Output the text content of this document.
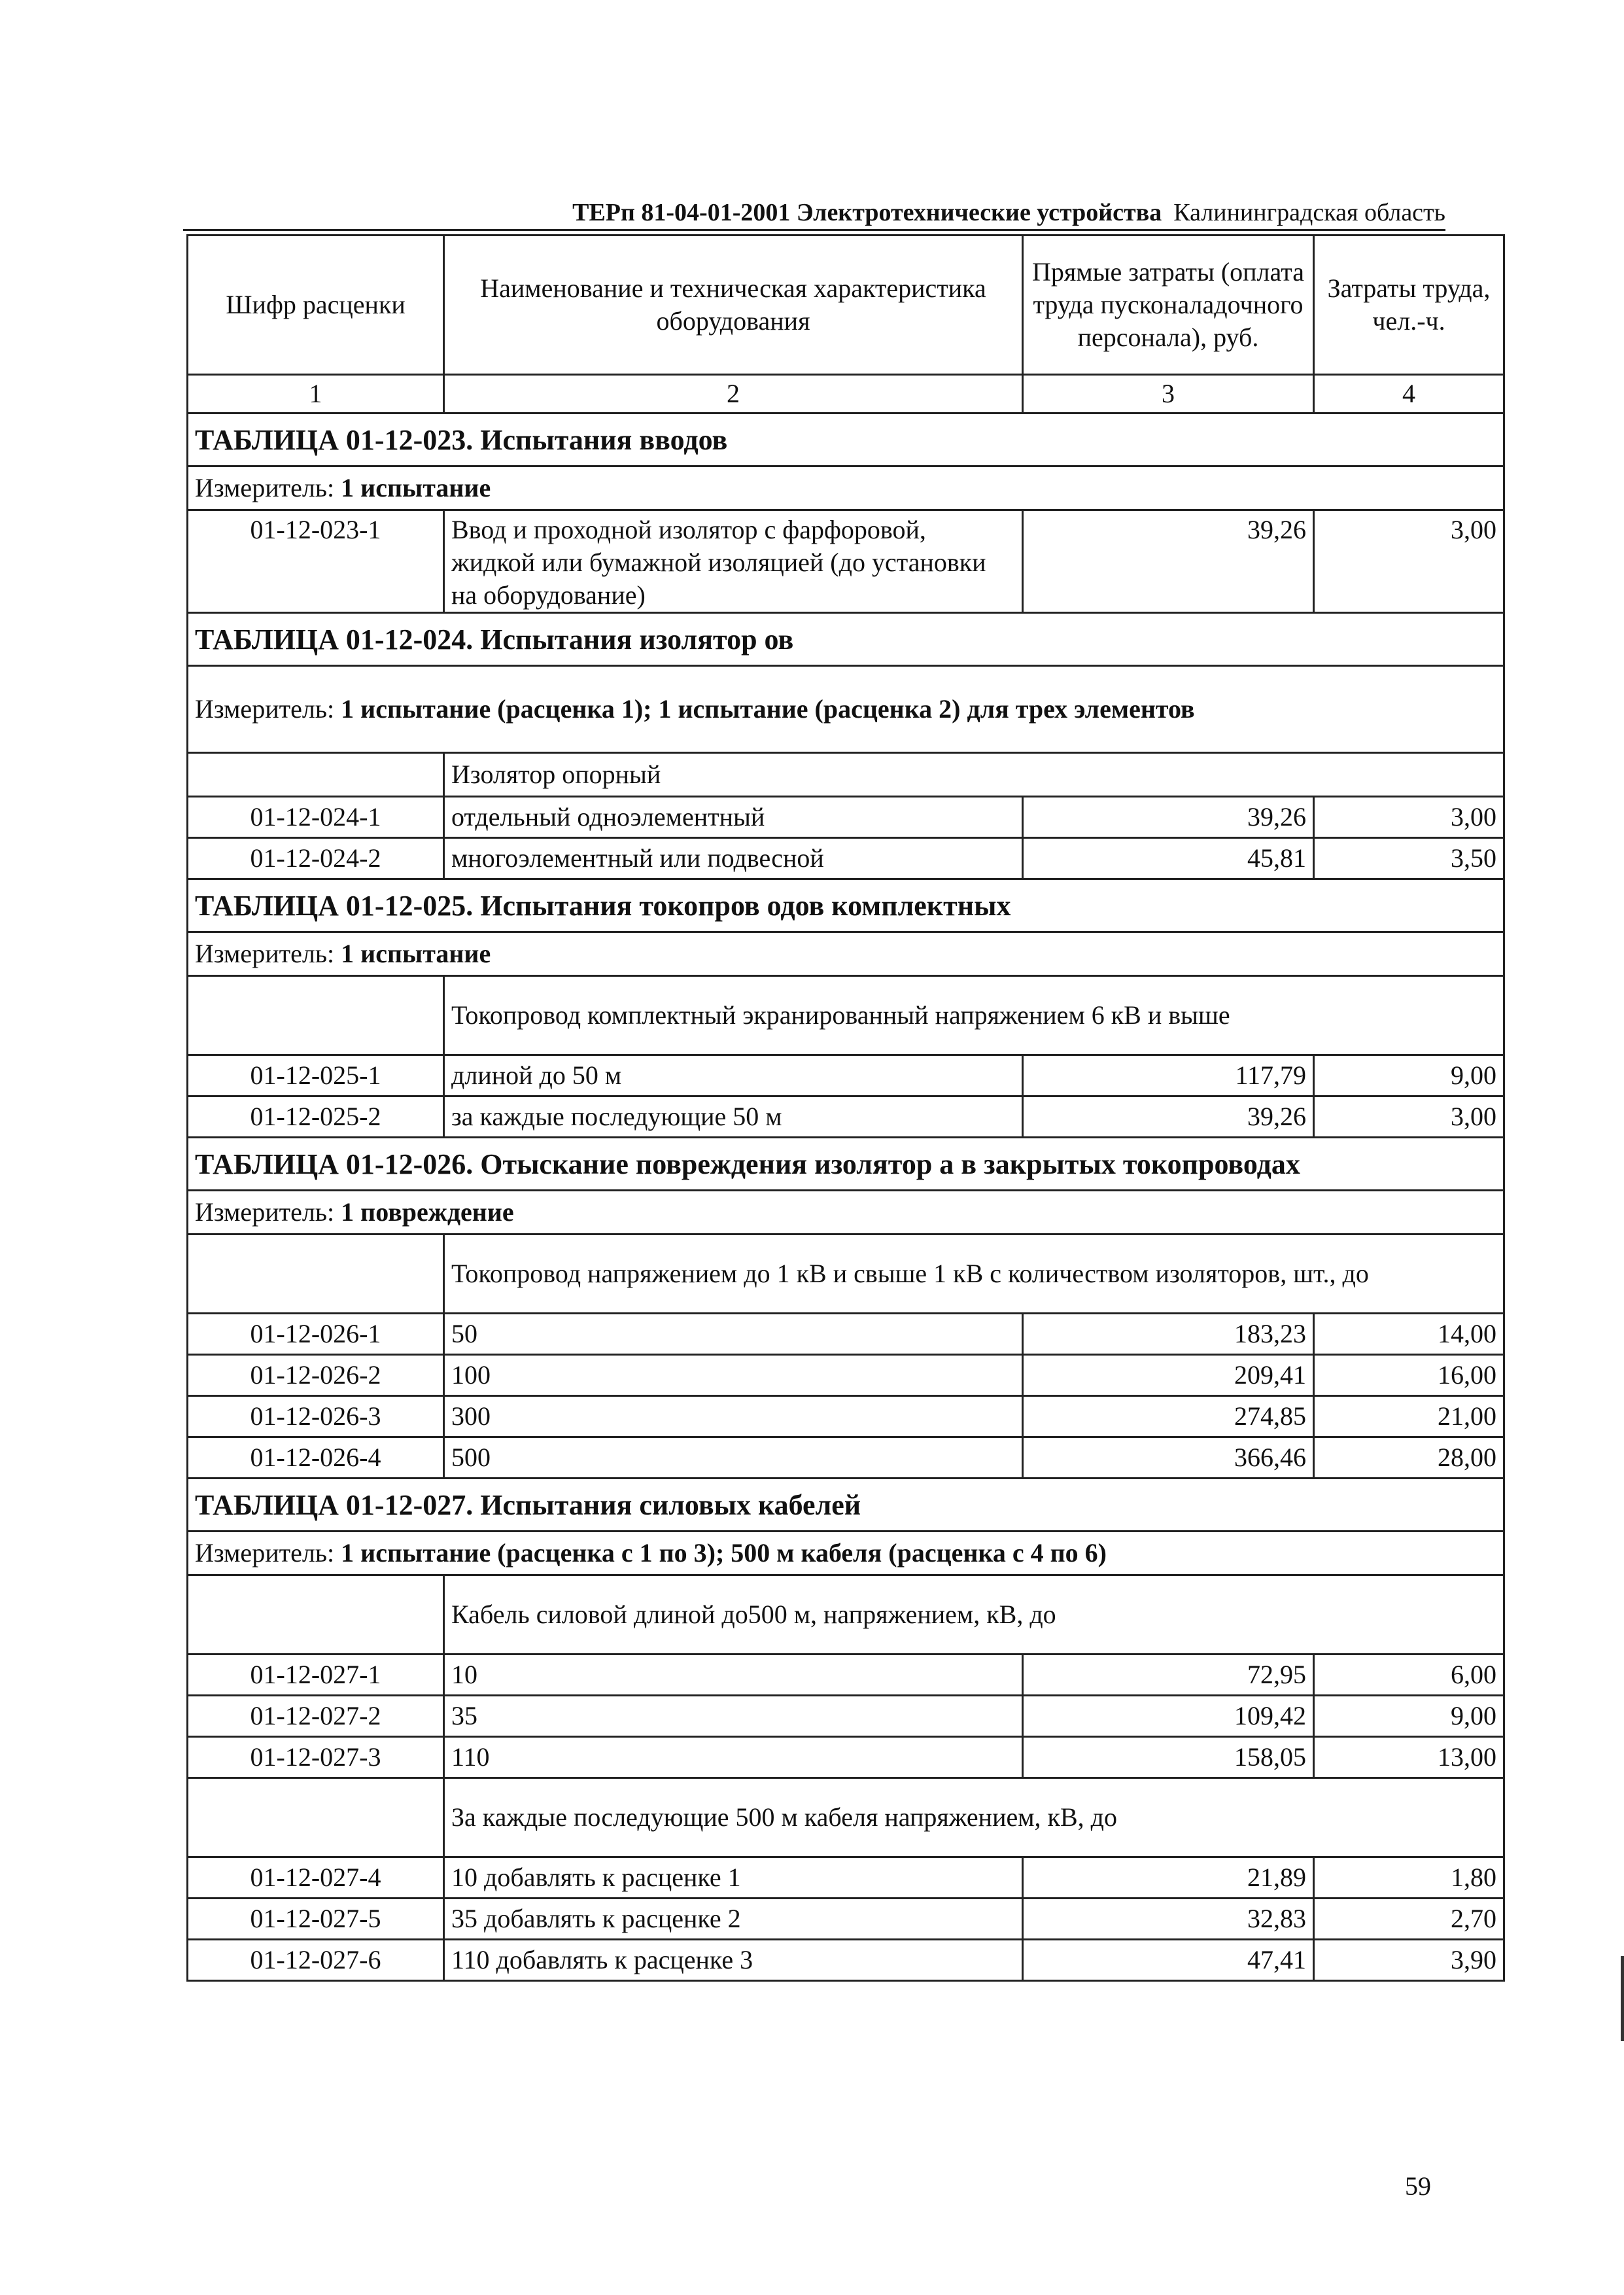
ТЕРп 81-04-01-2001 Электротехнические устройства Калининградская область
Шифр расценки	Наименование и техническая характеристика оборудования	Прямые затраты (оплата труда пусконаладочного персонала), руб.	Затраты труда, чел.-ч.
1	2	3	4
ТАБЛИЦА 01-12-023. Испытания вводов			
Измеритель: 1 испытание			
01-12-023-1	Ввод и проходной изолятор с фарфоровой, жидкой или бумажной изоляцией (до установки на оборудование)	39,26	3,00
ТАБЛИЦА 01-12-024. Испытания изолятор ов			
Измеритель: 1 испытание (расценка 1); 1 испытание (расценка 2) для трех элементов			
	Изолятор опорный		
01-12-024-1	отдельный одноэлементный	39,26	3,00
01-12-024-2	многоэлементный или подвесной	45,81	3,50
ТАБЛИЦА 01-12-025. Испытания токопров одов комплектных			
Измеритель: 1 испытание			
	Токопровод комплектный экранированный напряжением 6 кВ и выше		
01-12-025-1	длиной до 50 м	117,79	9,00
01-12-025-2	за каждые последующие 50 м	39,26	3,00
ТАБЛИЦА 01-12-026. Отыскание повреждения изолятор а в закрытых токопроводах			
Измеритель: 1 повреждение			
	Токопровод напряжением до 1 кВ и свыше 1 кВ с количеством изоляторов, шт., до		
01-12-026-1	50	183,23	14,00
01-12-026-2	100	209,41	16,00
01-12-026-3	300	274,85	21,00
01-12-026-4	500	366,46	28,00
ТАБЛИЦА 01-12-027. Испытания силовых кабелей			
Измеритель: 1 испытание (расценка с 1 по 3); 500 м кабеля (расценка с 4 по 6)			
	Кабель силовой длиной до500 м, напряжением, кВ, до		
01-12-027-1	10	72,95	6,00
01-12-027-2	35	109,42	9,00
01-12-027-3	110	158,05	13,00
	За каждые последующие 500 м кабеля напряжением, кВ, до		
01-12-027-4	10 добавлять к расценке 1	21,89	1,80
01-12-027-5	35 добавлять к расценке 2	32,83	2,70
01-12-027-6	110 добавлять к расценке 3	47,41	3,90
59
